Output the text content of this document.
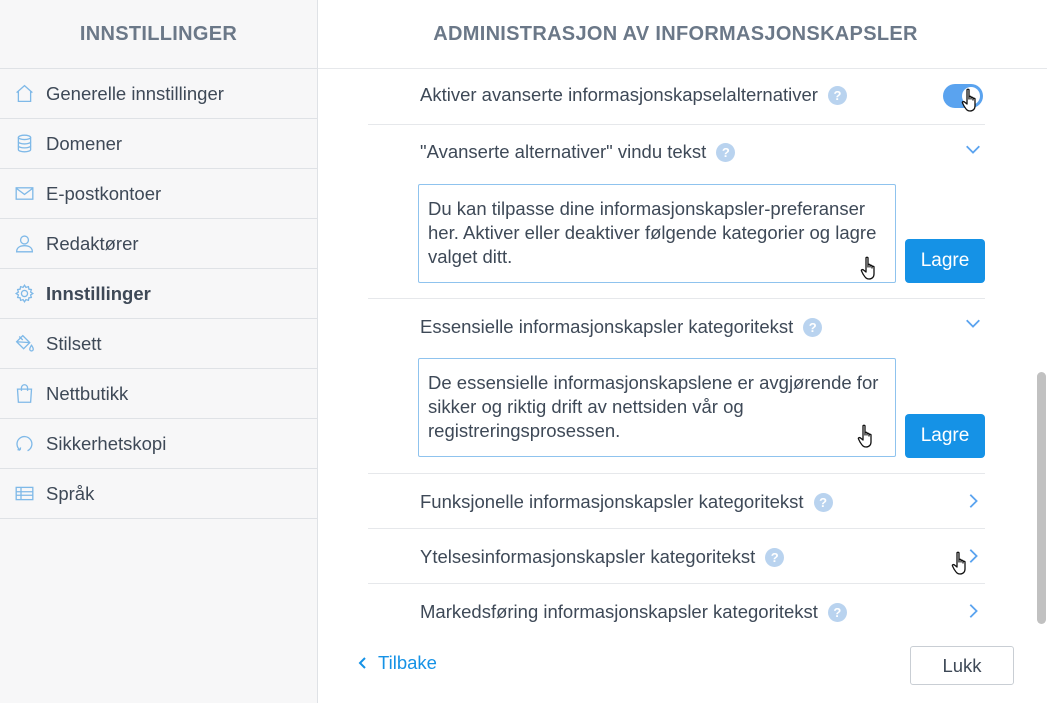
INNSTILLINGER
Generelle innstillinger
Domener
E-postkontoer
Redaktører
Innstillinger
Stilsett
Nettbutikk
Sikkerhetskopi
Språk
ADMINISTRASJON AV INFORMASJONSKAPSLER
Aktiver avanserte informasjonskapselalternativer	?
"Avanserte alternativer" vindu tekst	?
Du kan tilpasse dine informasjonskapsler-preferanser her. Aktiver eller deaktiver følgende kategorier og lagre valget ditt.	Lagre
Essensielle informasjonskapsler kategoritekst	?
De essensielle informasjonskapslene er avgjørende for sikker og riktig drift av nettsiden vår og registreringsprosessen.	Lagre
Funksjonelle informasjonskapsler kategoritekst	?
Ytelsesinformasjonskapsler kategoritekst	?
Markedsføring informasjonskapsler kategoritekst	?
Tilbake	Lukk
